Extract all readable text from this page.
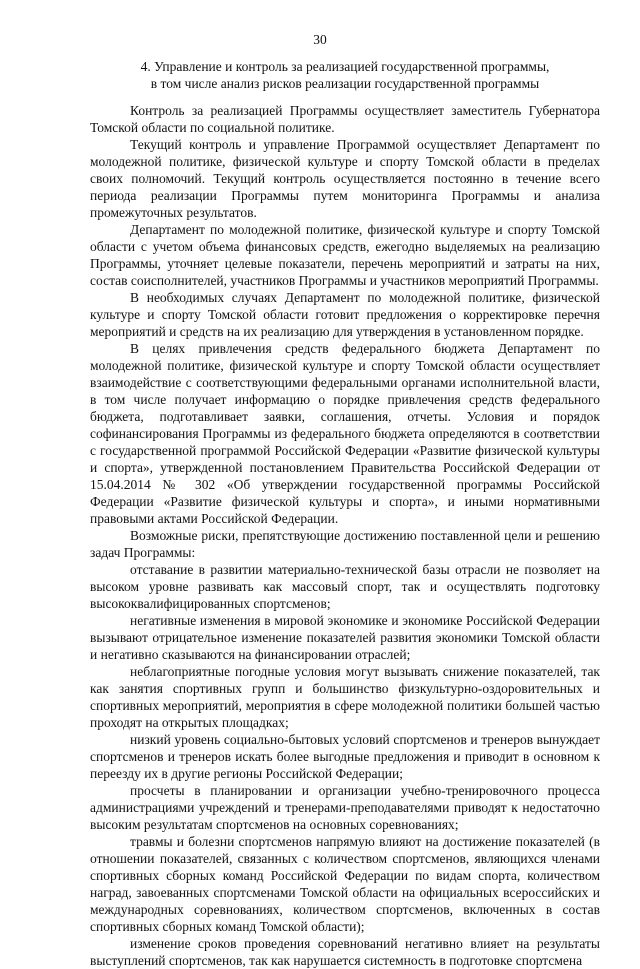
30
4. Управление и контроль за реализацией государственной программы,
в том числе анализ рисков реализации государственной программы

Контроль за реализацией Программы осуществляет заместитель Губернатора Томской области по социальной политике.

Текущий контроль и управление Программой осуществляет Департамент по молодежной политике, физической культуре и спорту Томской области в пределах своих полномочий. Текущий контроль осуществляется постоянно в течение всего периода реализации Программы путем мониторинга Программы и анализа промежуточных результатов.

Департамент по молодежной политике, физической культуре и спорту Томской области с учетом объема финансовых средств, ежегодно выделяемых на реализацию Программы, уточняет целевые показатели, перечень мероприятий и затраты на них, состав соисполнителей, участников Программы и участников мероприятий Программы.

В необходимых случаях Департамент по молодежной политике, физической культуре и спорту Томской области готовит предложения о корректировке перечня мероприятий и средств на их реализацию для утверждения в установленном порядке.

В целях привлечения средств федерального бюджета Департамент по молодежной политике, физической культуре и спорту Томской области осуществляет взаимодействие с соответствующими федеральными органами исполнительной власти, в том числе получает информацию о порядке привлечения средств федерального бюджета, подготавливает заявки, соглашения, отчеты. Условия и порядок софинансирования Программы из федерального бюджета определяются в соответствии с государственной программой Российской Федерации «Развитие физической культуры и спорта», утвержденной постановлением Правительства Российской Федерации от 15.04.2014 № 302 «Об утверждении государственной программы Российской Федерации «Развитие физической культуры и спорта», и иными нормативными правовыми актами Российской Федерации.

Возможные риски, препятствующие достижению поставленной цели и решению задач Программы:

отставание в развитии материально-технической базы отрасли не позволяет на высоком уровне развивать как массовый спорт, так и осуществлять подготовку высококвалифицированных спортсменов;

негативные изменения в мировой экономике и экономике Российской Федерации вызывают отрицательное изменение показателей развития экономики Томской области и негативно сказываются на финансировании отраслей;

неблагоприятные погодные условия могут вызывать снижение показателей, так как занятия спортивных групп и большинство физкультурно-оздоровительных и спортивных мероприятий, мероприятия в сфере молодежной политики большей частью проходят на открытых площадках;

низкий уровень социально-бытовых условий спортсменов и тренеров вынуждает спортсменов и тренеров искать более выгодные предложения и приводит в основном к переезду их в другие регионы Российской Федерации;

просчеты в планировании и организации учебно-тренировочного процесса администрациями учреждений и тренерами-преподавателями приводят к недостаточно высоким результатам спортсменов на основных соревнованиях;

травмы и болезни спортсменов напрямую влияют на достижение показателей (в отношении показателей, связанных с количеством спортсменов, являющихся членами спортивных сборных команд Российской Федерации по видам спорта, количеством наград, завоеванных спортсменами Томской области на официальных всероссийских и международных соревнованиях, количеством спортсменов, включенных в состав спортивных сборных команд Томской области);

изменение сроков проведения соревнований негативно влияет на результаты выступлений спортсменов, так как нарушается системность в подготовке спортсмена
